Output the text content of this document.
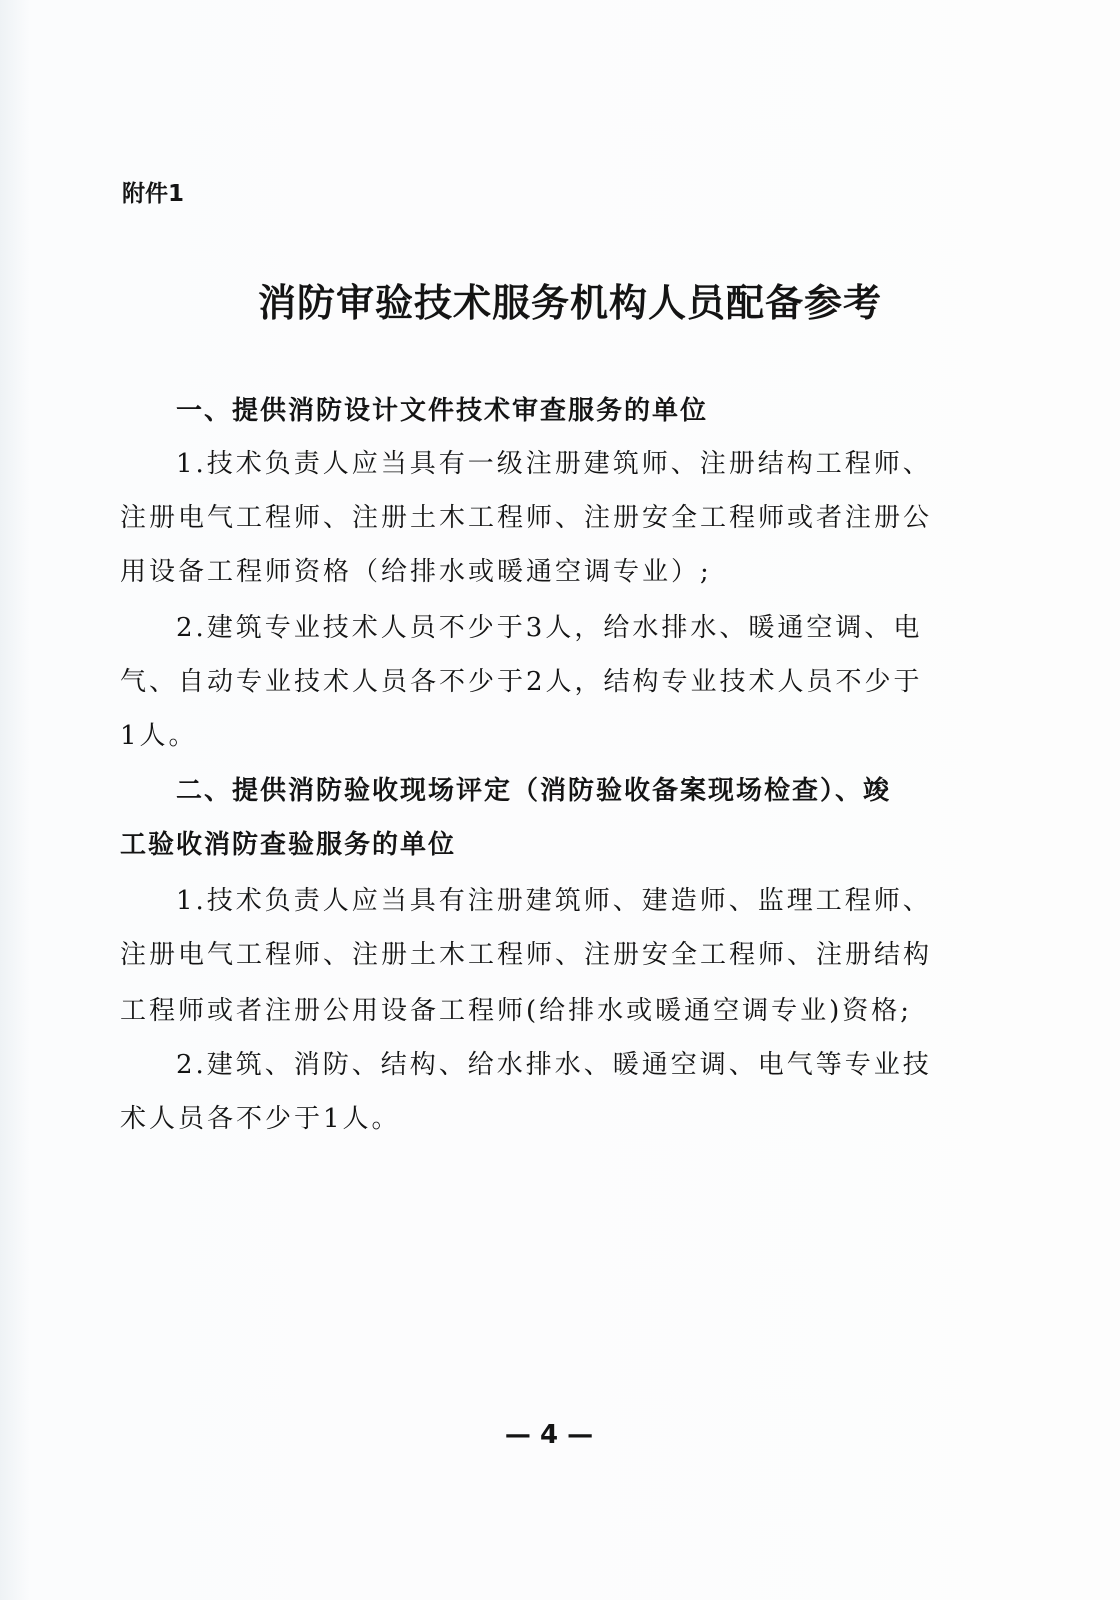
附件1
消防审验技术服务机构人员配备参考
一、提供消防设计文件技术审查服务的单位
1.技术负责人应当具有一级注册建筑师、注册结构工程师、
注册电气工程师、注册土木工程师、注册安全工程师或者注册公
用设备工程师资格（给排水或暖通空调专业）;
2.建筑专业技术人员不少于3人，给水排水、暖通空调、电
气、自动专业技术人员各不少于2人，结构专业技术人员不少于
1人。
二、提供消防验收现场评定（消防验收备案现场检查）、竣
工验收消防查验服务的单位
1.技术负责人应当具有注册建筑师、建造师、监理工程师、
注册电气工程师、注册土木工程师、注册安全工程师、注册结构
工程师或者注册公用设备工程师(给排水或暖通空调专业)资格;
2.建筑、消防、结构、给水排水、暖通空调、电气等专业技
术人员各不少于1人。
— 4 —
